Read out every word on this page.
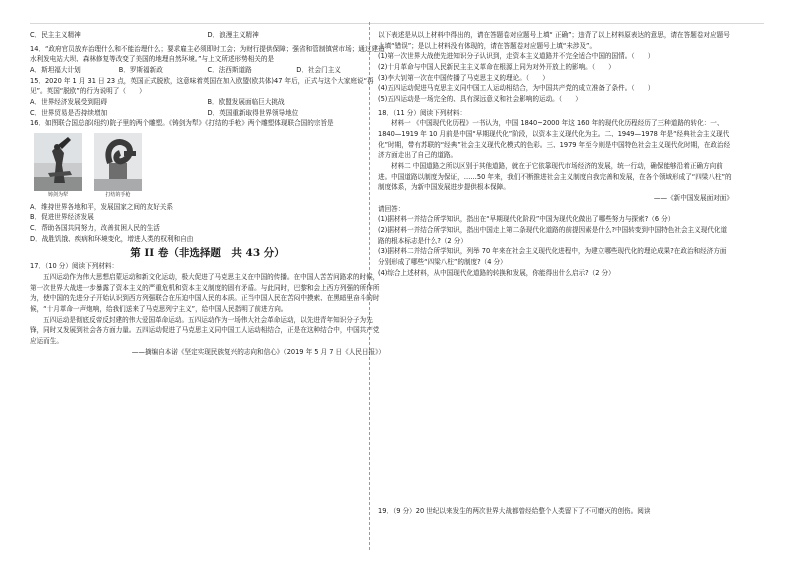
C．民主主义精神	D．浪漫主义精神

14．“政府官员放弃治理什么和不能治理什么；要求雇主必须即时工会；为财行提供保障；强省和管制镇营市场；通过建造水利发电站大坝、森林修复等改变了美国的地理自然环境。”与上文所述形势相关的是

A．斯坦福大计划	B．罗斯福新政	C．法西斯道路	D．社会门主义

15．2020 年 1 月 31 日 23 点，英国正式脱欧，这意味着英国在加入欧盟(欧共体)47 年后，正式与这个大家庭说“再见”。英国“脱欧”的行为说明了（　　）

A．世界经济发展受到阻碍	B．欧盟发展面临巨大挑战
C．世界贸易是否持续增加	D．英国重新取得世界领导地位

16．如图联合国总部(纽约)院子里的两个雕塑。《铸剑为犁》《打结的手枪》两个雕塑体现联合国的宗旨是

铸剑为犁	打结的手枪

A．维持世界各地和平，发展国家之间的友好关系

B．促进世界经济发展

C．帮助各国共同努力，改善贫困人民的生活

D．战胜饥饿、疾病和环境变化，增进人类的权利和自由

第 II 卷（非选择题　共 43 分）

17．（10 分）阅读下列材料：

五四运动作为伟大思想启蒙运动和新文化运动，极大促进了马克思主义在中国的传播。在中国人苦苦问路求的时候，第一次世界大战进一步暴露了资本主义的严重危机和资本主义制度的固有矛盾。与此同时，巴黎和会上西方列强的所作所为，使中国的先进分子开始认识到西方列强联合在压迫中国人民的本质。正当中国人民在苦闷中摸索、在黑暗里奋斗的时候，“十月革命一声炮响，给我们送来了马克思列宁主义”，给中国人民指明了前进方向。

五四运动是彻底反帝反封建的伟大爱国革命运动。五四运动作为一场伟大社会革命运动，以先进青年知识分子为先锋，同时又发展到社会各方面力量。五四运动促进了马克思主义同中国工人运动相结合，正是在这种结合中，中国共产党应运而生。

——摘编自本诺《坚定实现民族复兴的志向和信心》（2019 年 5 月 7 日《人民日报》）

以下表述是从以上材料中得出的，请在答题卷对应题号上填“ 正确”；违背了以上材料原表达的意思，请在答题卷对应题号上填“错误”；是以上材料没有体现的，请在答题卷对应题号上填“未涉及”。

(1)第一次世界大战使先进知识分子认识到，走资本主义道路并不完全适合中国的国情。（　　）

(2)十月革命与中国人民新民主主义革命在根源上同为对外开放上的影响。（　　）

(3)李大钊第一次在中国传播了马克思主义的理论。（　　）

(4)五四运动促进马克思主义同中国工人运动相结合，为中国共产党的成立准备了条件。（　　）

(5)五四运动是一场完全的、具有深远意义和社会影响的运动。（　　）

18．（11 分）阅读下列材料：

材料一 《中国现代化历程》一书认为，中国 1840~2000 年这 160 年的现代化历程经历了三种道路的转化：一、1840—1919 年 10 月前是中国“早期现代化”阶段，以资本主义现代化为主。二、1949—1978 年是“经典社会主义现代化”时期，带有苏联的“经典”社会主义现代化模式的色彩。三、1979 年至今则是中国特色社会主义现代化时期，在政治经济方面走出了自己的道路。

材料二 中国道路之所以区别于其他道路，就在于它依靠现代市场经济的发展，统一行动，确保能够沿着正确方向前进。中国道路以制度为保证，……50 年来，我们不断推进社会主义制度自我完善和发展，在各个领域形成了“四梁八柱”的制度体系，为新中国发展进步提供根本保障。

——《新中国发展面对面》

请回答：

(1)据材料一并结合所学知识，指出在“早期现代化阶段”中国为现代化做出了哪些努力与探索?（6 分）

(2)据材料一并结合所学知识，指出中国走上第二条现代化道路的前提因素是什么?中国转变到中国特色社会主义现代化道路的根本标志是什么?（2 分）

(3)据材料二并结合所学知识，列举 70 年来在社会主义现代化进程中，为建立哪些现代化的理论成果?在政治和经济方面分别形成了哪些“四梁八柱”的制度?（4 分）

(4)综合上述材料，从中国现代化道路的转换和发展，你能得出什么启示?（2 分）

19．（9 分）20 世纪以来发生的两次世界大战都曾经给整个人类留下了不可磨灭的创伤。阅读
